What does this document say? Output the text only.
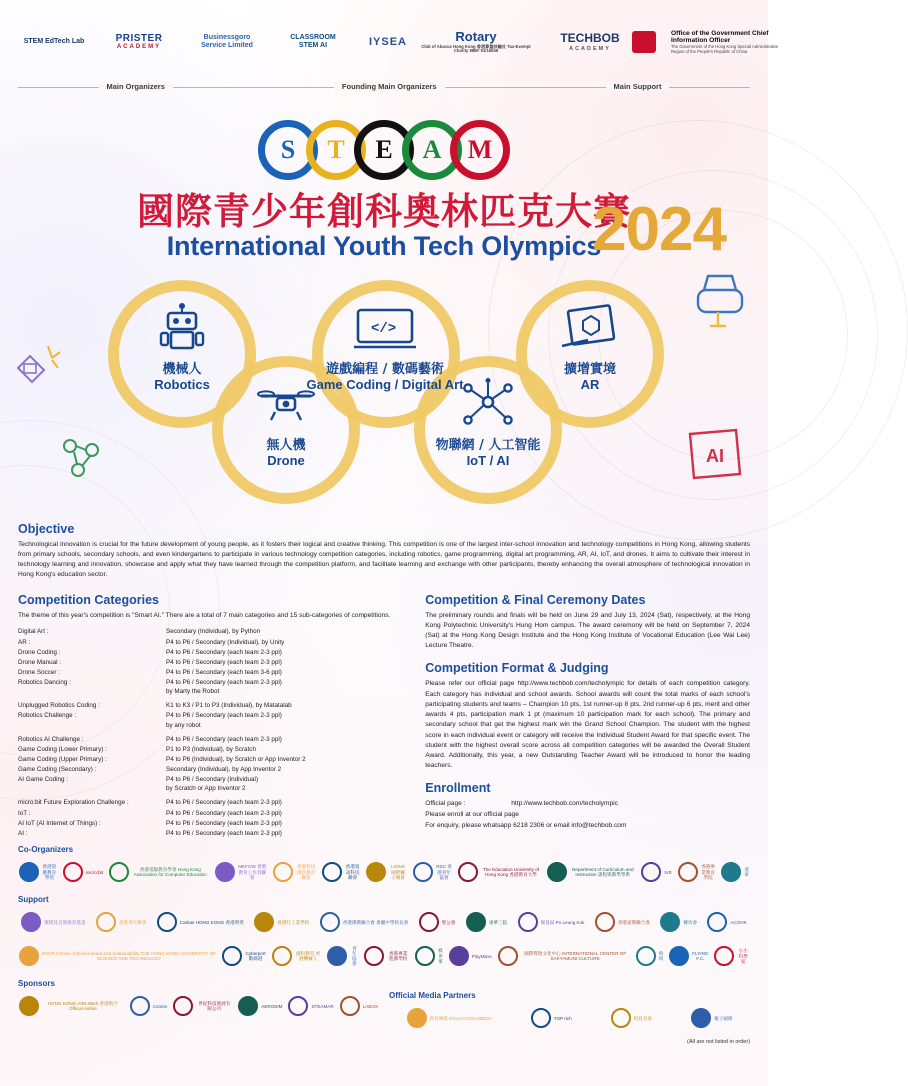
STEM EdTech Lab	PRISTER
ACADEMY
Businessgoro Service Limited
CLASSROOM STEM AI	IYSEA	Rotary
Club of Abacus Hong Kong 香港算盤扶輪社 Tax-Exempt Charity 88B# 91/16949
TECHBOB
ACADEMY
Office of the Government Chief Information Officer
The Government of the Hong Kong Special Administrative Region of the People's Republic of China
Main Organizers	Founding Main Organizers	Main Support
S T E A M
國際青少年創科奧林匹克大賽
International Youth Tech Olympics
2024
AI
機械人
Robotics
</>
遊戲編程 / 數碼藝術
Game Coding / Digital Art
擴增實境
AR
無人機
Drone
物聯網 / 人工智能
IoT / AI
Objective

Technological innovation is crucial for the future development of young people, as it fosters their logical and creative thinking. This competition is one of the largest inter-school innovation and technology competitions in Hong Kong, allowing students from primary schools, secondary schools, and even kindergartens to participate in various technology competition categories, including robotics, game programming, digital art programming, AR, AI, IoT, and drones. It aims to cultivate their interest in technology learning and innovation, showcase and apply what they have learned through the competition platform, and facilitate learning and exchange with other participants, thereby enhancing the overall atmosphere of technological innovation in Hong Kong's education sector.

Competition Categories
The theme of this year's competition is "Smart AI." There are a total of 7 main categories and 15 sub-categories of competitions.
Digital Art :	Secondary (Individual), by Python
AR :	P4 to P6 / Secondary (Individual), by Unity
Drone Coding :	P4 to P6 / Secondary (each team 2-3 ppl)
Drone Manual :	P4 to P6 / Secondary (each team 2-3 ppl)
Drone Soccer :	P4 to P6 / Secondary (each team 3-6 ppl)
Robotics Dancing :	P4 to P6 / Secondary (each team 2-3 ppl)
by Marty the Robot

Unplugged Robotics Coding :	K1 to K3 / P1 to P3 (Individual), by Matatalab
Robotics Challenge :	P4 to P6 / Secondary (each team 2-3 ppl)
by any robot

Robotics AI Challenge :	P4 to P6 / Secondary (each team 2-3 ppl)
Game Coding (Lower Primary) :	P1 to P3 (Individual), by Scratch
Game Coding (Upper Primary) :	P4 to P6 (Individual), by Scratch or App Inventor 2
Game Coding (Secondary) :	Secondary (Individual), by App Inventor 2
AI Game Coding :	P4 to P6 / Secondary (Individual)
by Scratch or App Inventor 2

micro:bit Future Exploration Challenge :	P4 to P6 / Secondary (each team 2-3 ppl)
IoT :	P4 to P6 / Secondary (each team 2-3 ppl)
AI IoT (AI Internet of Things) :	P4 to P6 / Secondary (each team 2-3 ppl)
AI :	P4 to P6 / Secondary (each team 2-3 ppl)
Competition & Final Ceremony Dates

The preliminary rounds and finals will be held on June 29 and July 13, 2024 (Sat), respectively, at the Hong Kong Polytechnic University's Hung Hom campus. The award ceremony will be held on September 7, 2024 (Sat) at the Hong Kong Design Institute and the Hong Kong Institute of Vocational Education (Lee Wai Lee) Lecture Theatre.

Competition Format & Judging

Please refer our official page http://www.techbob.com/techolympic for details of each competition category. Each category has individual and school awards. School awards will count the total marks of each school's participating students and teams – Champion 10 pts, 1st runner-up 8 pts, 2nd runner-up 6 pts, merit and other awards 4 pts, participation mark 1 pt (maximum 10 participation mark for each school). The primary and secondary school that get the highest mark win the Grand School Champion. The student with the highest score in each individual event or category will receive the Individual Student Award for that specific event. The student with the highest overall score across all competition categories will be awarded the Overall Student Award. Additionally, this year, a new Outstanding Teacher Award will be introduced to honor the leading teachers.

Enrollment
Official page :	http://www.techbob.com/techolympic
Please enroll at our official page
For enquiry, please whatsapp 6218 2306 or email info@techbob.com
Co-Organizers
香港資優教育學苑
micro:bit
香港電腦教育學會 Hong Kong Association for Computer Education
MKFOW 香港教育工作者聯會
香港科技創新教育聯盟
香港資訊科技聯會
LIONS 國際獅子總會
RSC 香港青年協會
The Education University of Hong Kong 香港教育大學
Department of Curriculum and Instruction 課程與教學學系
IVE
香港專業教育學院
童軍
Support
環境及自然保育基金	香港青年聯會	Caritas HONG KONG 香港明愛	香港仔工業學校	香港佛教聯合會 會屬中學校長會	聖公會	東華三院	保良局 Po Leung Kuk	香港道教聯合會	賽馬會	ACOHK
ENVR Centre of Environment and Sustainability THE HONG KONG UNIVERSITY OF SCIENCE AND TECHNOLOGY
Cyberport 數碼港
創科教育 香港機械人
青年協會
香港專業進修學校
救世軍
PlayMaxx
國際釋迦文化中心 INTERNATIONAL CENTER OF SAKYAMUNI CULTURE
飛域
FLYING F.C.
小小科學家
Sponsors
HONG KONG AIRLINES 香港航空 Official Airline
Contex
世紀科技發展有限公司
AEROSIM	STEAMAR	LABOX
Official Media Partners
教育傳媒 EDUCATION MEDIA	TOP rich	灼見名家	親子頭條
(All are not listed in order)
